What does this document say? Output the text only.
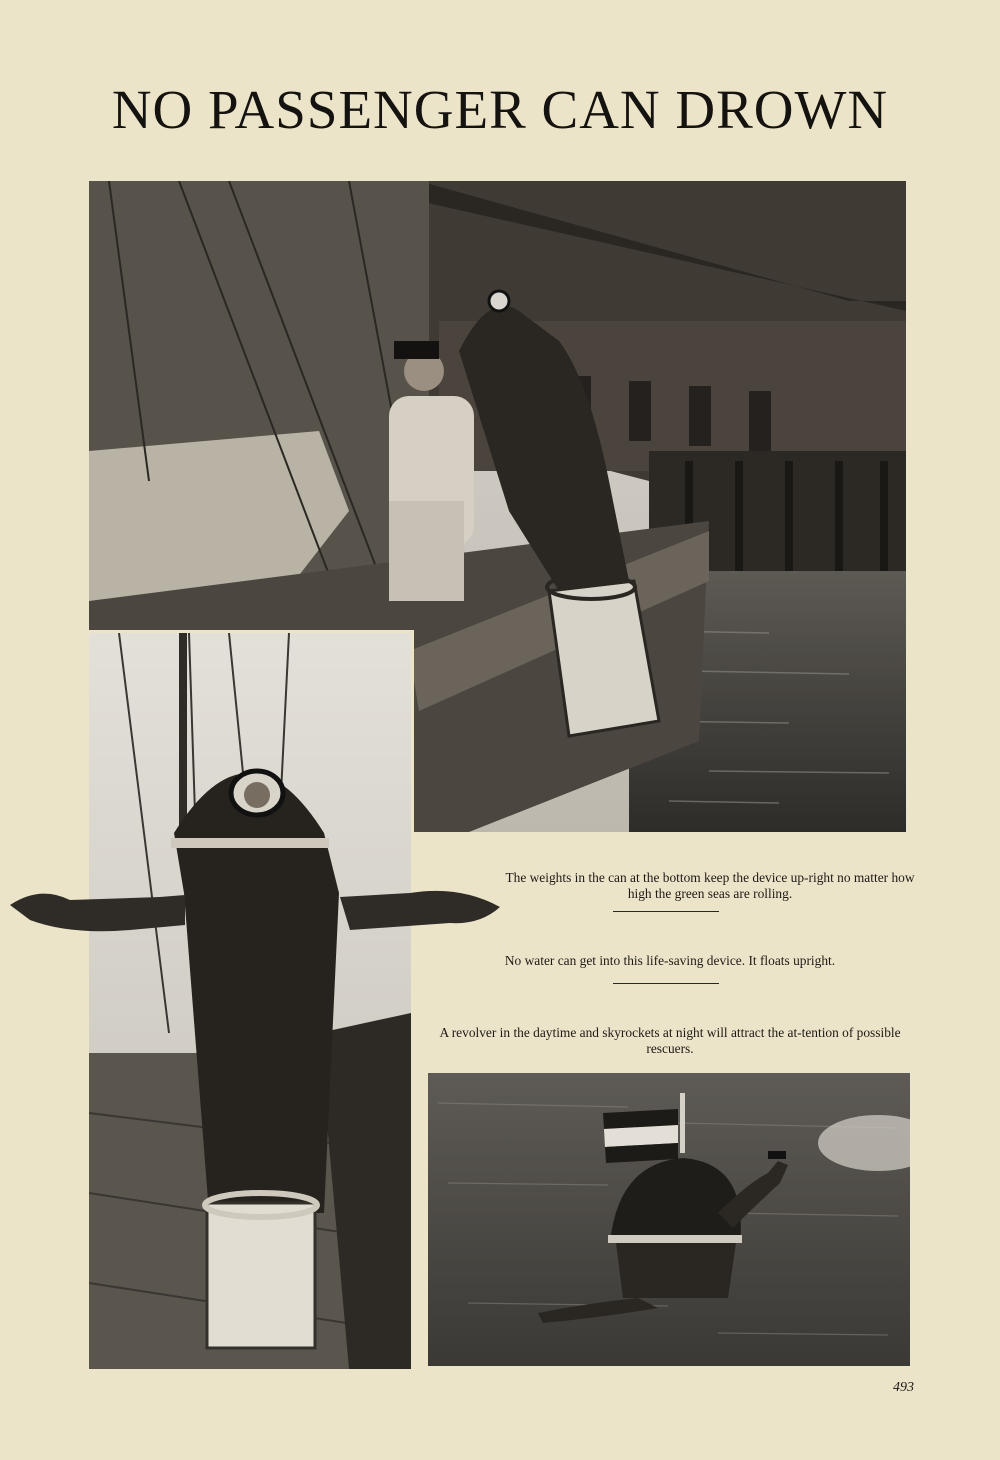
NO PASSENGER CAN DROWN

The weights in the can at the bottom keep the device up-right no matter how high the green seas are rolling.

No water can get into this life-saving device. It floats upright.

A revolver in the daytime and skyrockets at night will attract the at-tention of possible rescuers.

493
